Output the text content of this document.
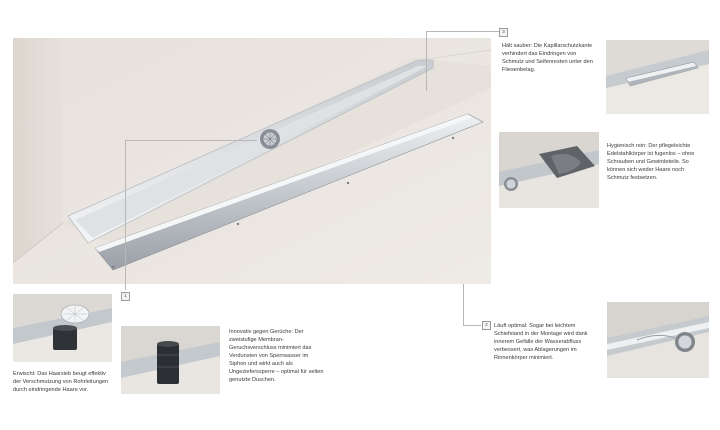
1
2
3
Hält sauber: Die Kapillarschutzkante verhindert das Eindringen von Schmutz und Seifenresten unter den Fliesenbelag.
Hygienisch rein: Der pflegeleichte Edelstahlkörper ist fugenlos – ohne Schrauben und Gewindeteile. So können sich weder Haare noch Schmutz festsetzen.
Läuft optimal: Sogar bei leichtem Schiefstand in der Montage wird dank innerem Gefälle der Wasserabfluss verbessert, was Ablagerungen im Rinnenkörper minimiert.
Erwischt: Das Haarsieb beugt effektiv der Verschmutzung von Rohrleitungen durch eindringende Haare vor.
Innovativ gegen Gerüche: Der zweistufige Membran-Geruchsverschluss minimiert das Verdunsten von Sperrwasser im Siphon und wirkt auch als Ungezieferssperre – optimal für selten genutzte Duschen.
